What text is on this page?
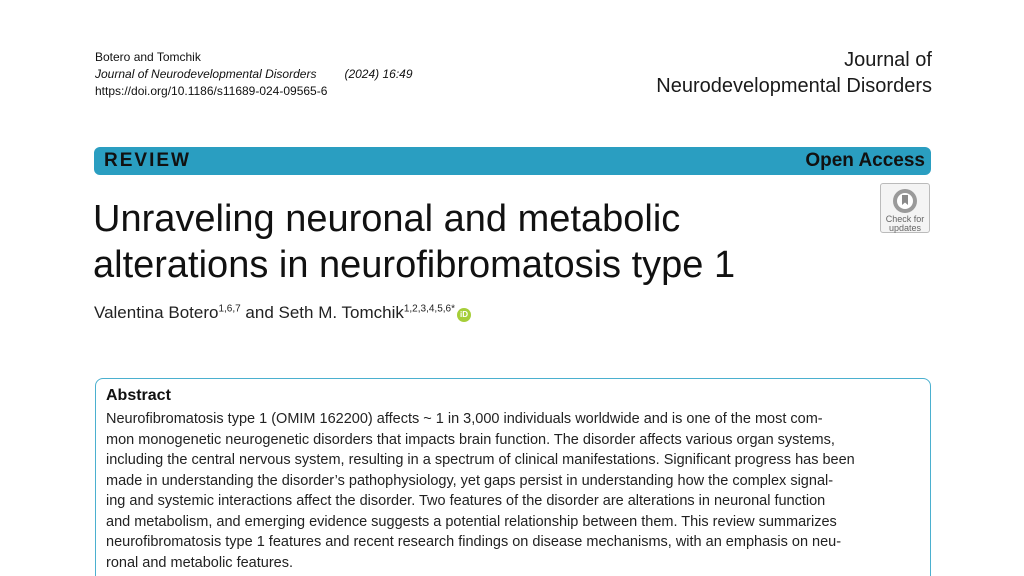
Botero and Tomchik
Journal of Neurodevelopmental Disorders (2024) 16:49
https://doi.org/10.1186/s11689-024-09565-6
Journal of
Neurodevelopmental Disorders
REVIEW	Open Access
Check for
updates
Unraveling neuronal and metabolic
alterations in neurofibromatosis type 1
Valentina Botero$^{1,6,7}$ and Seth M. Tomchik$^{1,2,3,4,5,6*}$iD
Abstract
Neurofibromatosis type 1 (OMIM 162200) affects ~ 1 in 3,000 individuals worldwide and is one of the most com-
mon monogenetic neurogenetic disorders that impacts brain function. The disorder affects various organ systems,
including the central nervous system, resulting in a spectrum of clinical manifestations. Significant progress has been
made in understanding the disorder’s pathophysiology, yet gaps persist in understanding how the complex signal-
ing and systemic interactions affect the disorder. Two features of the disorder are alterations in neuronal function
and metabolism, and emerging evidence suggests a potential relationship between them. This review summarizes
neurofibromatosis type 1 features and recent research findings on disease mechanisms, with an emphasis on neu-
ronal and metabolic features.
